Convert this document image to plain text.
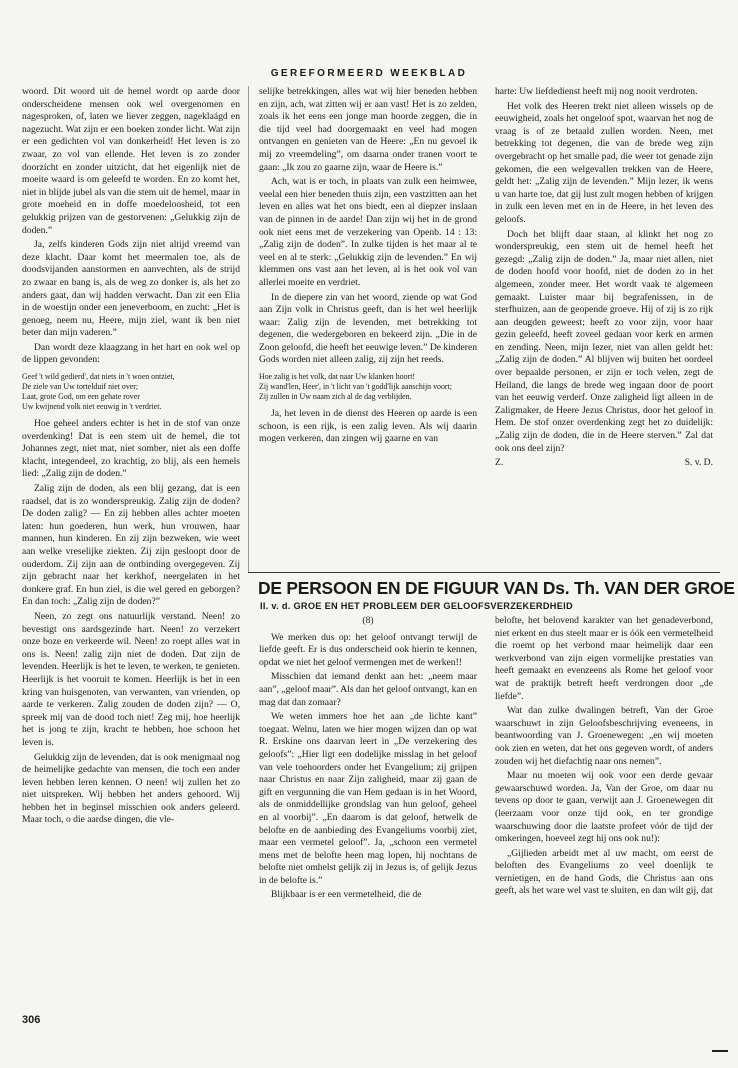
GEREFORMEERD WEEKBLAD

woord. Dit woord uit de hemel wordt op aarde door onderscheidene mensen ook wel overgenomen en nagesproken, of, laten we liever zeggen, nageklaágd en nagezucht. Wat zijn er een boeken zonder licht. Wat zijn er een gedichten vol van donkerheid! Het leven is zo zwaar, zo vol van ellende. Het leven is zo zonder doorzicht en zonder uitzicht, dat het eigenlijk niet de moeite waard is om geleefd te worden. En zo komt het, niet in blijde jubel als van die stem uit de hemel, maar in grote moeheid en in doffe moedeloosheid, tot een gelukkig prijzen van de gestorvenen: „Gelukkig zijn de doden.”

Ja, zelfs kinderen Gods zijn niet altijd vreemd van deze klacht. Daar komt het meermalen toe, als de doodsvijanden aanstormen en aanvechten, als de strijd zo zwaar en bang is, als de weg zo donker is, als het zo anders gaat, dan wij hadden verwacht. Dan zit een Elia in de woestijn onder een jeneverboom, en zucht: „Het is genoeg, neem nu, Heere, mijn ziel, want ik ben niet beter dan mijn vaderen.”

Dan wordt deze klaagzang in het hart en ook wel op de lippen gevonden:

Geef 't wild gedierd', dat niets in 't woen ontziet,
De ziele van Uw tortelduif niet over;
Laat, grote God, om een gehate rover
Uw kwijnend volk niet eeuwig in 't verdriet.

Hoe geheel anders echter is het in de stof van onze overdenking! Dat is een stem uit de hemel, die tot Johannes zegt, niet mat, niet somber, niet als een doffe klacht, integendeel, zo krachtig, zo blij, als een hemels lied: „Zalig zijn de doden.”

Zalig zijn de doden, als een blij gezang, dat is een raadsel, dat is zo wonderspreukig. Zalig zijn de doden? De doden zalig? — En zij hebben alles achter moeten laten: hun goederen, hun werk, hun vrouwen, haar mannen, hun kinderen. En zij zijn bezweken, wie weet aan welke vreselijke ziekten. Zij zijn gesloopt door de ouderdom. Zij zijn aan de ontbinding overgegeven. Zij zijn gebracht naar het kerkhof, neergelaten in het donkere graf. En hun ziel, is die wel gered en geborgen? En dan toch: „Zalig zijn de doden?”

Neen, zo zegt ons natuurlijk verstand. Neen! zo bevestigt ons aardsgezinde hart. Neen! zo verzekert onze boze en verkeerde wil. Neen! zo roept alles wat in ons is. Neen! zalig zijn niet de doden. Dat zijn de levenden. Heerlijk is het te leven, te werken, te genieten. Heerlijk is het vooruit te komen. Heerlijk is het in een kring van huisgenoten, van verwanten, van vrienden, op aarde te verkeren. Zalig zouden de doden zijn? — O, spreek mij van de dood toch niet! Zeg mij, hoe heerlijk het is jong te zijn, kracht te hebben, hoe schoon het leven is.

Gelukkig zijn de levenden, dat is ook menigmaal nog de heimelijke gedachte van mensen, die toch een ander leven hebben leren kennen. O neen! wij zullen het zo niet uitspreken. Wij hebben het anders gehoord. Wij hebben het in beginsel misschien ook anders geleerd. Maar toch, o die aardse dingen, die vle-

selijke betrekkingen, alles wat wij hier beneden hebben en zijn, ach, wat zitten wij er aan vast! Het is zo zelden, zoals ik het eens een jonge man hoorde zeggen, die in die tijd veel had doorgemaakt en veel had mogen ontvangen en genieten van de Heere: „En nu gevoel ik mij zo vreemdeling”, om daarna onder tranen voort te gaan: „Ik zou zo gaarne zijn, waar de Heere is.”

Ach, wat is er toch, in plaats van zulk een heimwee, veelal een hier beneden thuis zijn, een vastzitten aan het leven en alles wat het ons biedt, een al diepzer inslaan van de pinnen in de aarde! Dan zijn wij het in de grond ook niet eens met de verzekering van Openb. 14 : 13: „Zalig zijn de doden”. In zulke tijden is het maar al te veel en al te sterk: „Gelukkig zijn de levenden.” En wij klemmen ons vast aan het leven, al is het ook vol van allerlei moeite en verdriet.

In de diepere zin van het woord, ziende op wat God aan Zijn volk in Christus geeft, dan is het wel heerlijk waar: Zalig zijn de levenden, met betrekking tot degenen, die wedergeboren en bekeerd zijn. „Die in de Zoon geloofd, die heeft het eeuwige leven.” De kinderen Gods worden niet alleen zalig, zij zijn het reeds.

Hoe zalig is het volk, dat naar Uw klanken hoort!
Zij wand'len, Heer', in 't licht van 't godd'lijk aanschijn voort;
Zij zullen in Uw naam zich al de dag verblijden.

Ja, het leven in de dienst des Heeren op aarde is een schoon, is een rijk, is een zalig leven. Als wij daarin mogen verkeren, dan zingen wij gaarne en van

harte: Uw liefdedienst heeft mij nog nooit verdroten.

Het volk des Heeren trekt niet alleen wissels op de eeuwigheid, zoals het ongeloof spot, waarvan het nog de vraag is of ze betaald zullen worden. Neen, met betrekking tot degenen, die van de brede weg zijn overgebracht op het smalle pad, die weer tot genade zijn gekomen, die een welgevallen trekken van de Heere, geldt het: „Zalig zijn de levenden.” Mijn lezer, ik wens u van harte toe, dat gij lust zult mogen hebben of krijgen in zulk een leven met en in de Heere, in het leven des geloofs.

Doch het blijft daar staan, al klinkt het nog zo wonderspreukig, een stem uit de hemel heeft het gezegd: „Zalig zijn de doden.” Ja, maar niet allen, niet de doden hoofd voor hoofd, niet de doden zo in het algemeen, zonder meer. Het wordt vaak te algemeen gemaakt. Luister maar bij begrafenissen, in de sterfhuizen, aan de geopende groeve. Hij of zij is zo rijk aan deugden geweest; heeft zo voor zijn, voor haar gezin geleefd, heeft zoveel gedaan voor kerk en armen en zending. Neen, mijn lezer, niet van allen geldt het: „Zalig zijn de doden.” Al blijven wij buiten het oordeel over bepaalde personen, er zijn er toch velen, zegt de Heiland, die langs de brede weg ingaan door de poort van het eeuwig verderf. Onze zaligheid ligt alleen in de Zaligmaker, de Heere Jezus Christus, door het geloof in Hem. De stof onzer overdenking zegt het zo duidelijk: „Zalig zijn de doden, die in de Heere sterven.” Zal dat ook ons deel zijn?

Z.	S. v. D.
DE PERSOON EN DE FIGUUR VAN Ds. Th. VAN DER GROE
II. v. d. GROE EN HET PROBLEEM DER GELOOFSVERZEKERDHEID

(8)

We merken dus op: het geloof ontvangt terwijl de liefde geeft. Er is dus onderscheid ook hierin te kennen, opdat we niet het geloof vermengen met de werken!!

Misschien dat iemand denkt aan het: „neem maar aan”, „geloof maar”. Als dan het geloof ontvangt, kan en mag dat dan zomaar?

We weten immers hoe het aan „de lichte kant” toegaat. Welnu, laten we hier mogen wijzen dan op wat R. Erskine ons daarvan leert in „De verzekering des geloofs”: „Hier ligt een dodelijke misslag in het geloof van vele toehoorders onder het Evangelium; zij grijpen naar Christus en naar Zijn zaligheid, maar zij gaan de gift en vergunning die van Hem gedaan is in het Woord, als de onmiddellijke grondslag van hun geloof, geheel en al voorbij”. „En daarom is dat geloof, hetwelk de belofte en de aanbieding des Evangeliums voorbij ziet, maar een vermetel geloof”. Ja, „schoon een vermetel mens met de belofte heen mag lopen, hij nochtans de belofte niet omhelst gelijk zij in Jezus is, of gelijk Jezus in de belofte is.”

Blijkbaar is er een vermetelheid, die de

belofte, het belovend karakter van het genadeverbond, niet erkent en dus steelt maar er is óók een vermetelheid die roemt op het verbond maar heimelijk daar een werkverbond van zijn eigen vormelijke prestaties van heeft gemaakt en evenzeens als Rome het geloof voor wat de praktijk betreft heeft verdrongen door „de liefde”.

Wat dan zulke dwalingen betreft, Van der Groe waarschuwt in zijn Geloofsbeschrijving eveneens, in beantwoording van J. Groenewegen: „en wij moeten ook zien en weten, dat het ons gegeven wordt, of anders zouden wij het diefachtig naar ons nemen”.

Maar nu moeten wij ook voor een derde gevaar gewaarschuwd worden. Ja, Van der Groe, om daar nu tevens op door te gaan, verwijt aan J. Groenewegen dit (leerzaam voor onze tijd ook, en ter grondige waarschuwing door die laatste profeet vóór de tijd der omkeringen, hoeveel zegt hij ons ook nu!):

„Gijlieden arbeidt met al uw macht, om eerst de beloften des Evangeliums zo veel doenlijk te vernietigen, en de hand Gods, die Christus aan ons geeft, als het ware wel vast te sluiten, en dan wilt gij, dat

306
